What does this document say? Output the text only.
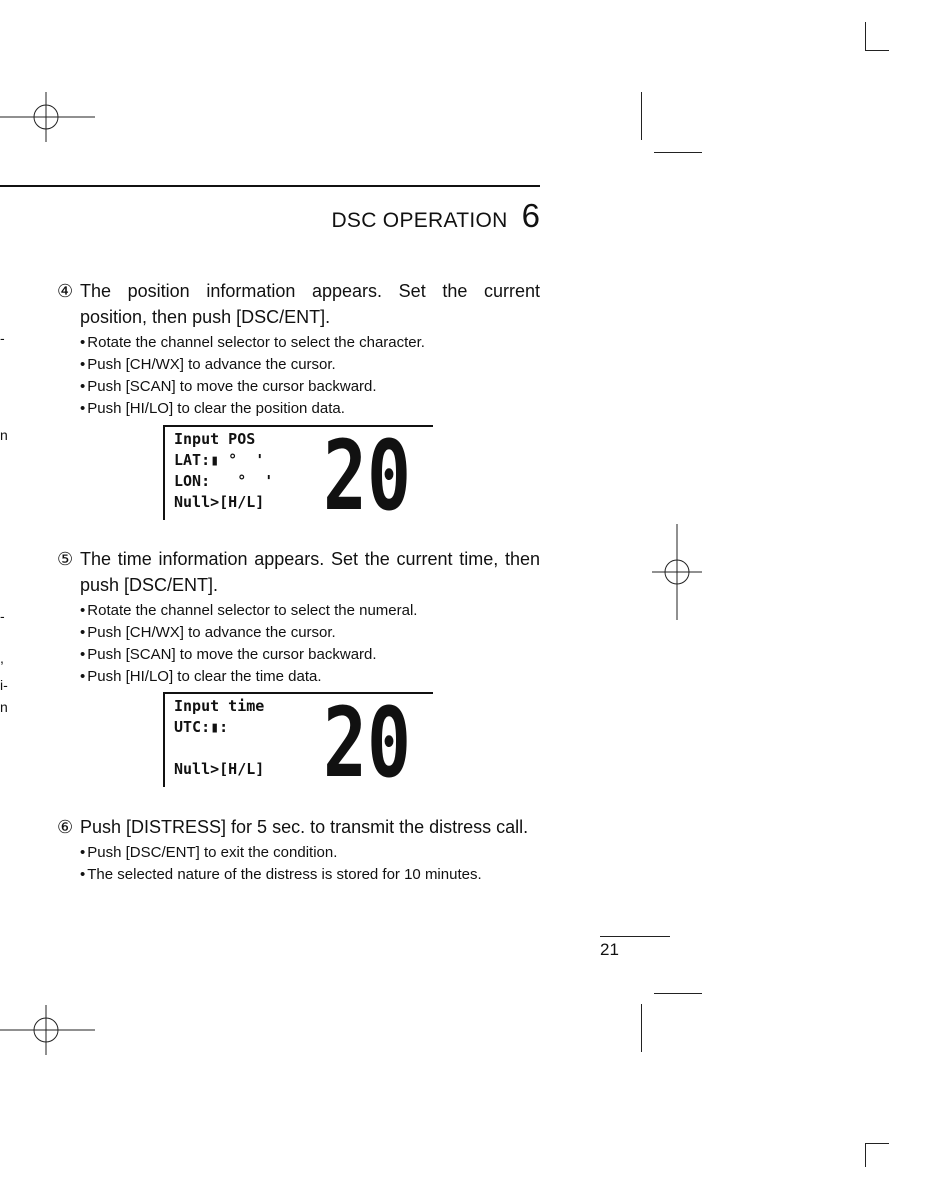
-
n
-
,
i-
n
DSC OPERATION 6
④ The position information appears. Set the current position, then push [DSC/ENT].
• Rotate the channel selector to select the character.
• Push [CH/WX] to advance the cursor.
• Push [SCAN] to move the cursor backward.
• Push [HI/LO] to clear the position data.
Input POS
LAT:▮ °  '
LON:   °  '
Null>[H/L] 20
⑤ The time information appears. Set the current time, then push [DSC/ENT].
• Rotate the channel selector to select the numeral.
• Push [CH/WX] to advance the cursor.
• Push [SCAN] to move the cursor backward.
• Push [HI/LO] to clear the time data.
Input time
UTC:▮:
Null>[H/L] 20
⑥ Push [DISTRESS] for 5 sec. to transmit the distress call.
• Push [DSC/ENT] to exit the condition.
• The selected nature of the distress is stored for 10 minutes.
21
